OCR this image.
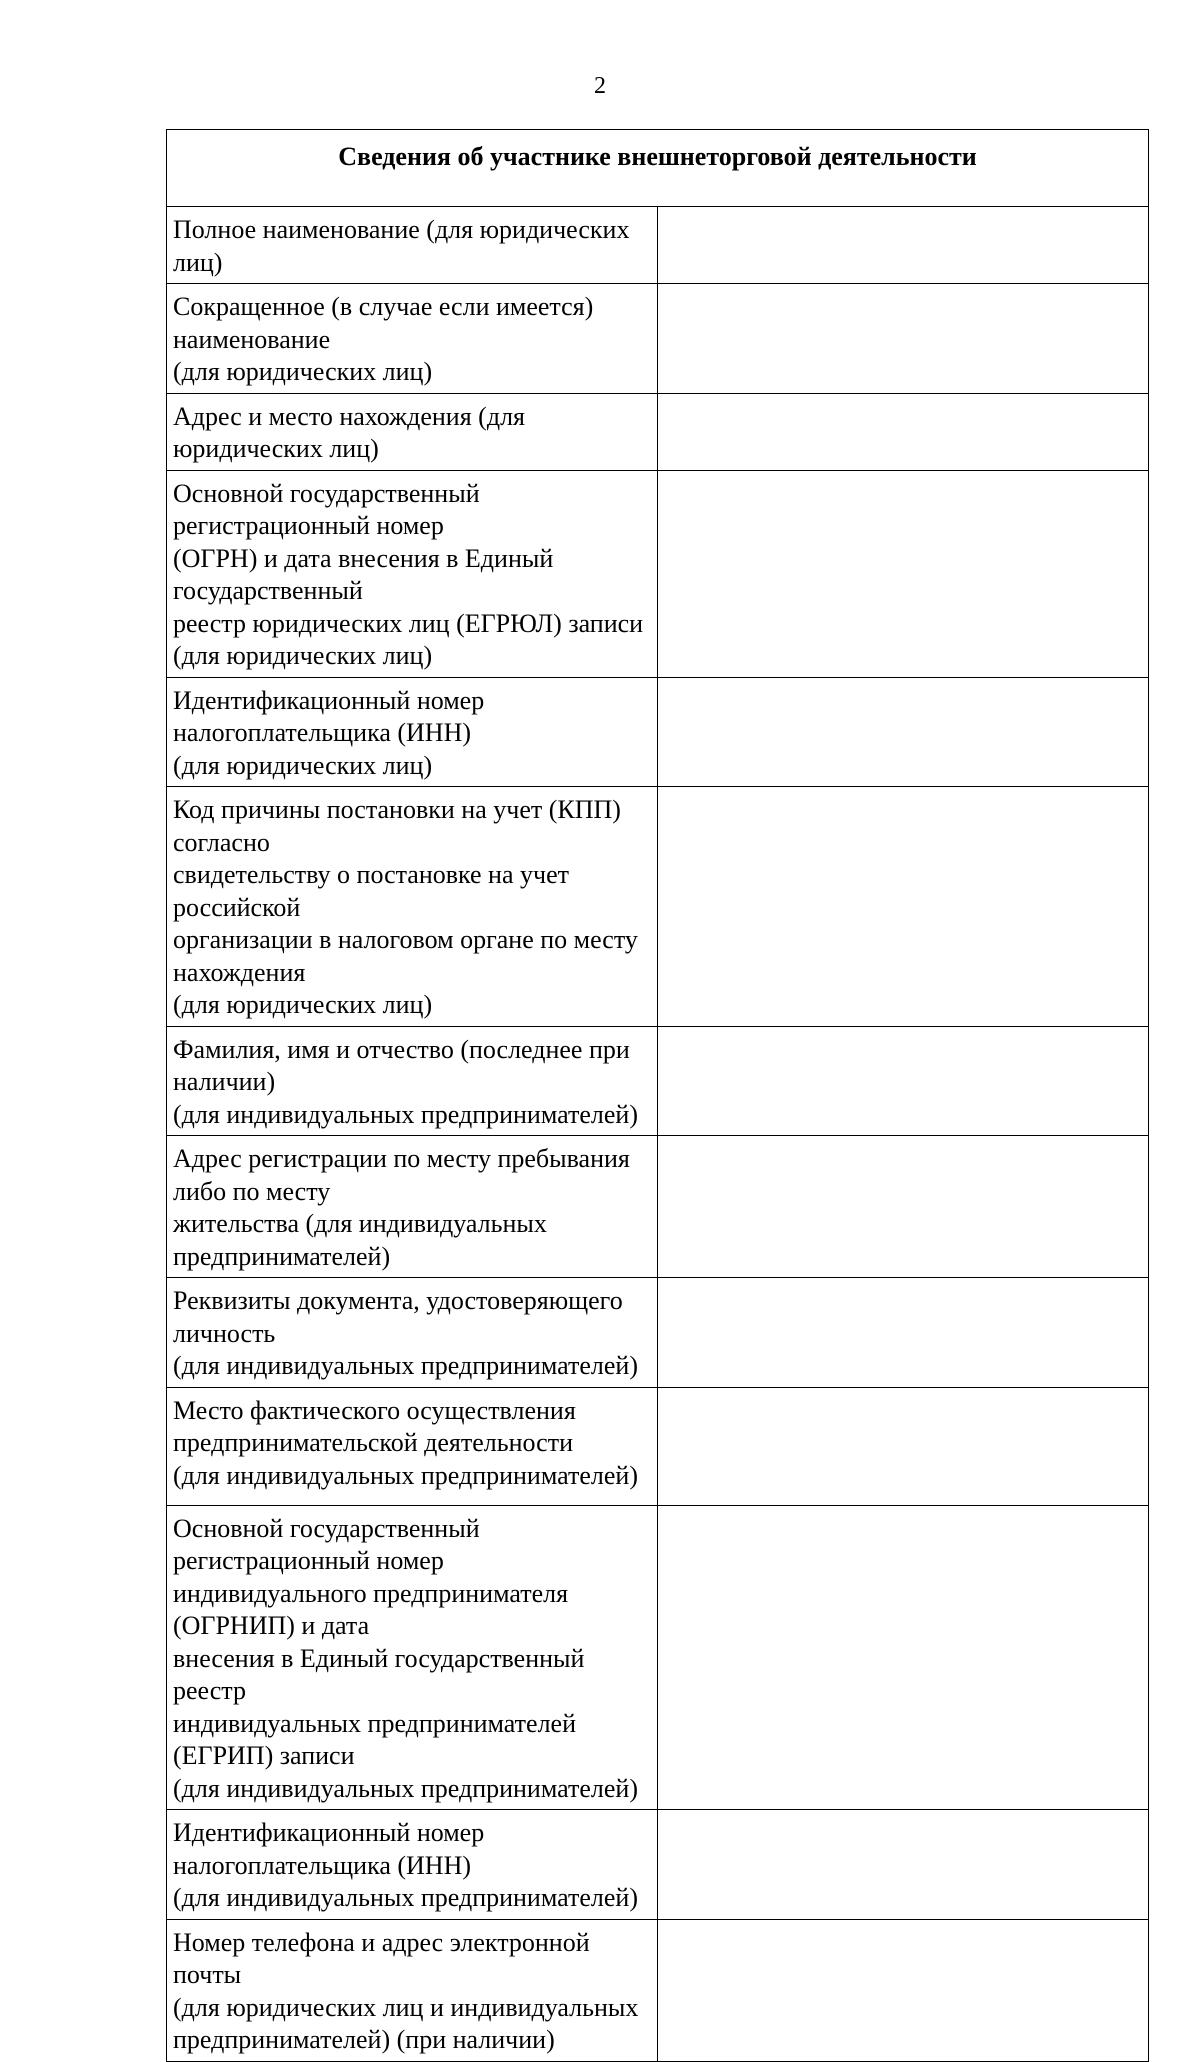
2
Сведения об участнике внешнеторговой деятельности	
Полное наименование (для юридических лиц)	
Сокращенное (в случае если имеется) наименование
(для юридических лиц)	
Адрес и место нахождения (для юридических лиц)	
Основной государственный регистрационный номер
(ОГРН) и дата внесения в Единый государственный
реестр юридических лиц (ЕГРЮЛ) записи
(для юридических лиц)	
Идентификационный номер налогоплательщика (ИНН)
(для юридических лиц)	
Код причины постановки на учет (КПП) согласно
свидетельству о постановке на учет российской
организации в налоговом органе по месту нахождения
(для юридических лиц)	
Фамилия, имя и отчество (последнее при наличии)
(для индивидуальных предпринимателей)	
Адрес регистрации по месту пребывания либо по месту
жительства (для индивидуальных предпринимателей)	
Реквизиты документа, удостоверяющего личность
(для индивидуальных предпринимателей)	
Место фактического осуществления
предпринимательской деятельности
(для индивидуальных предпринимателей)	
Основной государственный регистрационный номер
индивидуального предпринимателя (ОГРНИП) и дата
внесения в Единый государственный реестр
индивидуальных предпринимателей (ЕГРИП) записи
(для индивидуальных предпринимателей)	
Идентификационный номер налогоплательщика (ИНН)
(для индивидуальных предпринимателей)	
Номер телефона и адрес электронной почты
(для юридических лиц и индивидуальных
предпринимателей) (при наличии)	
